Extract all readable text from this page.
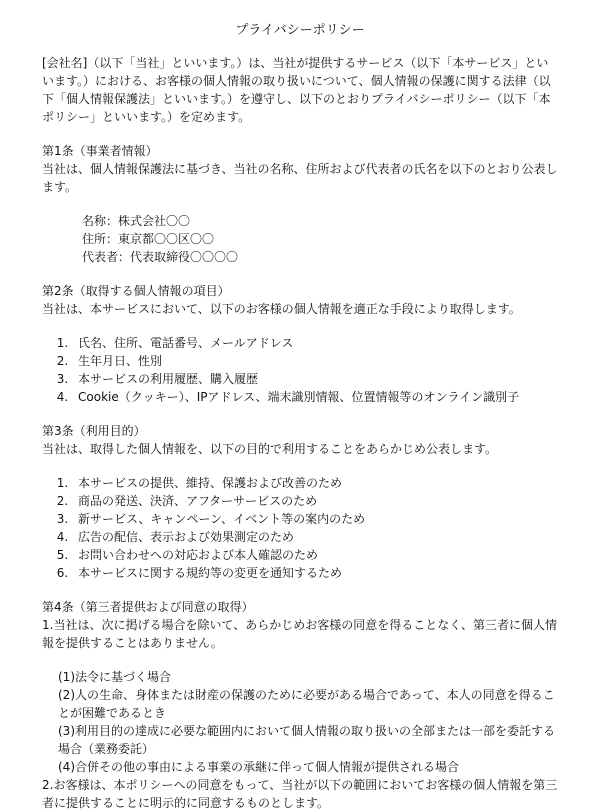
プライバシーポリシー

[会社名]（以下「当社」といいます。）は、当社が提供するサービス（以下「本サービス」といいます。）における、お客様の個人情報の取り扱いについて、個人情報の保護に関する法律（以下「個人情報保護法」といいます。）を遵守し、以下のとおりプライバシーポリシー（以下「本ポリシー」といいます。）を定めます。

第1条（事業者情報）

当社は、個人情報保護法に基づき、当社の名称、住所および代表者の氏名を以下のとおり公表します。

名称：株式会社〇〇

住所：東京都〇〇区〇〇

代表者：代表取締役〇〇〇〇

第2条（取得する個人情報の項目）

当社は、本サービスにおいて、以下のお客様の個人情報を適正な手段により取得します。

1. 氏名、住所、電話番号、メールアドレス
2. 生年月日、性別
3. 本サービスの利用履歴、購入履歴
4. Cookie（クッキー）、IPアドレス、端末識別情報、位置情報等のオンライン識別子

第3条（利用目的）

当社は、取得した個人情報を、以下の目的で利用することをあらかじめ公表します。

1. 本サービスの提供、維持、保護および改善のため
2. 商品の発送、決済、アフターサービスのため
3. 新サービス、キャンペーン、イベント等の案内のため
4. 広告の配信、表示および効果測定のため
5. お問い合わせへの対応および本人確認のため
6. 本サービスに関する規約等の変更を通知するため

第4条（第三者提供および同意の取得）

1.当社は、次に掲げる場合を除いて、あらかじめお客様の同意を得ることなく、第三者に個人情報を提供することはありません。

(1)法令に基づく場合
(2)人の生命、身体または財産の保護のために必要がある場合であって、本人の同意を得ることが困難であるとき
(3)利用目的の達成に必要な範囲内において個人情報の取り扱いの全部または一部を委託する場合（業務委託）
(4)合併その他の事由による事業の承継に伴って個人情報が提供される場合

2.お客様は、本ポリシーへの同意をもって、当社が以下の範囲においてお客様の個人情報を第三者に提供することに明示的に同意するものとします。
